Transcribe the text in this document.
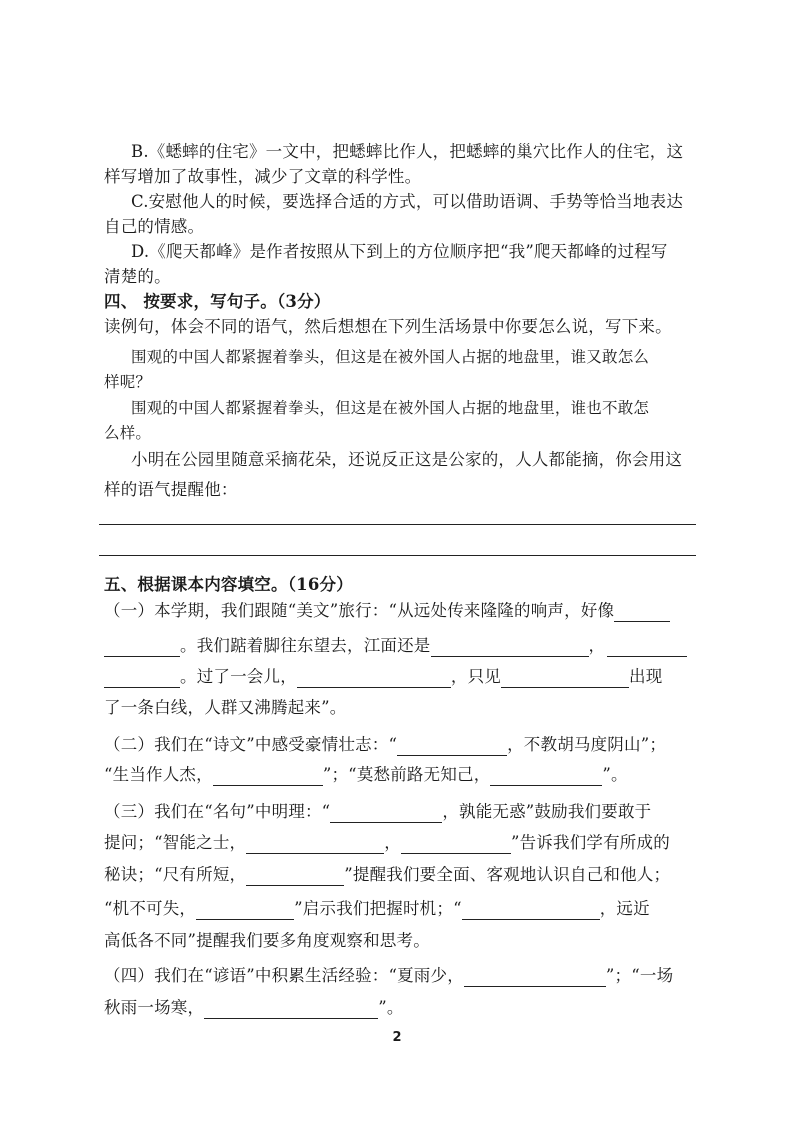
B.《蟋蟀的住宅》一文中，把蟋蟀比作人，把蟋蟀的巢穴比作人的住宅，这
样写增加了故事性，减少了文章的科学性。
C.安慰他人的时候，要选择合适的方式，可以借助语调、手势等恰当地表达
自己的情感。
D.《爬天都峰》是作者按照从下到上的方位顺序把“我”爬天都峰的过程写
清楚的。
四、 按要求，写句子。（3分）
读例句，体会不同的语气，然后想想在下列生活场景中你要怎么说，写下来。
围观的中国人都紧握着拳头，但这是在被外国人占据的地盘里，谁又敢怎么
样呢？
围观的中国人都紧握着拳头，但这是在被外国人占据的地盘里，谁也不敢怎
么样。
小明在公园里随意采摘花朵，还说反正这是公家的，人人都能摘，你会用这
样的语气提醒他：
五、根据课本内容填空。（16分）
（一）本学期，我们跟随“美文”旅行：“从远处传来隆隆的响声，好像
。我们踮着脚往东望去，江面还是	，
。过了一会儿，	，只见	出现
了一条白线，人群又沸腾起来”。
（二）我们在“诗文”中感受豪情壮志：“	，不教胡马度阴山”；
“生当作人杰，	”；“莫愁前路无知己，	”。
（三）我们在“名句”中明理：“	，孰能无惑”鼓励我们要敢于
提问；“智能之士，	，	”告诉我们学有所成的
秘诀；“尺有所短，	”提醒我们要全面、客观地认识自己和他人；
“机不可失，	”启示我们把握时机；“	，远近
高低各不同”提醒我们要多角度观察和思考。
（四）我们在“谚语”中积累生活经验：“夏雨少，	”；“一场
秋雨一场寒，	”。
2
